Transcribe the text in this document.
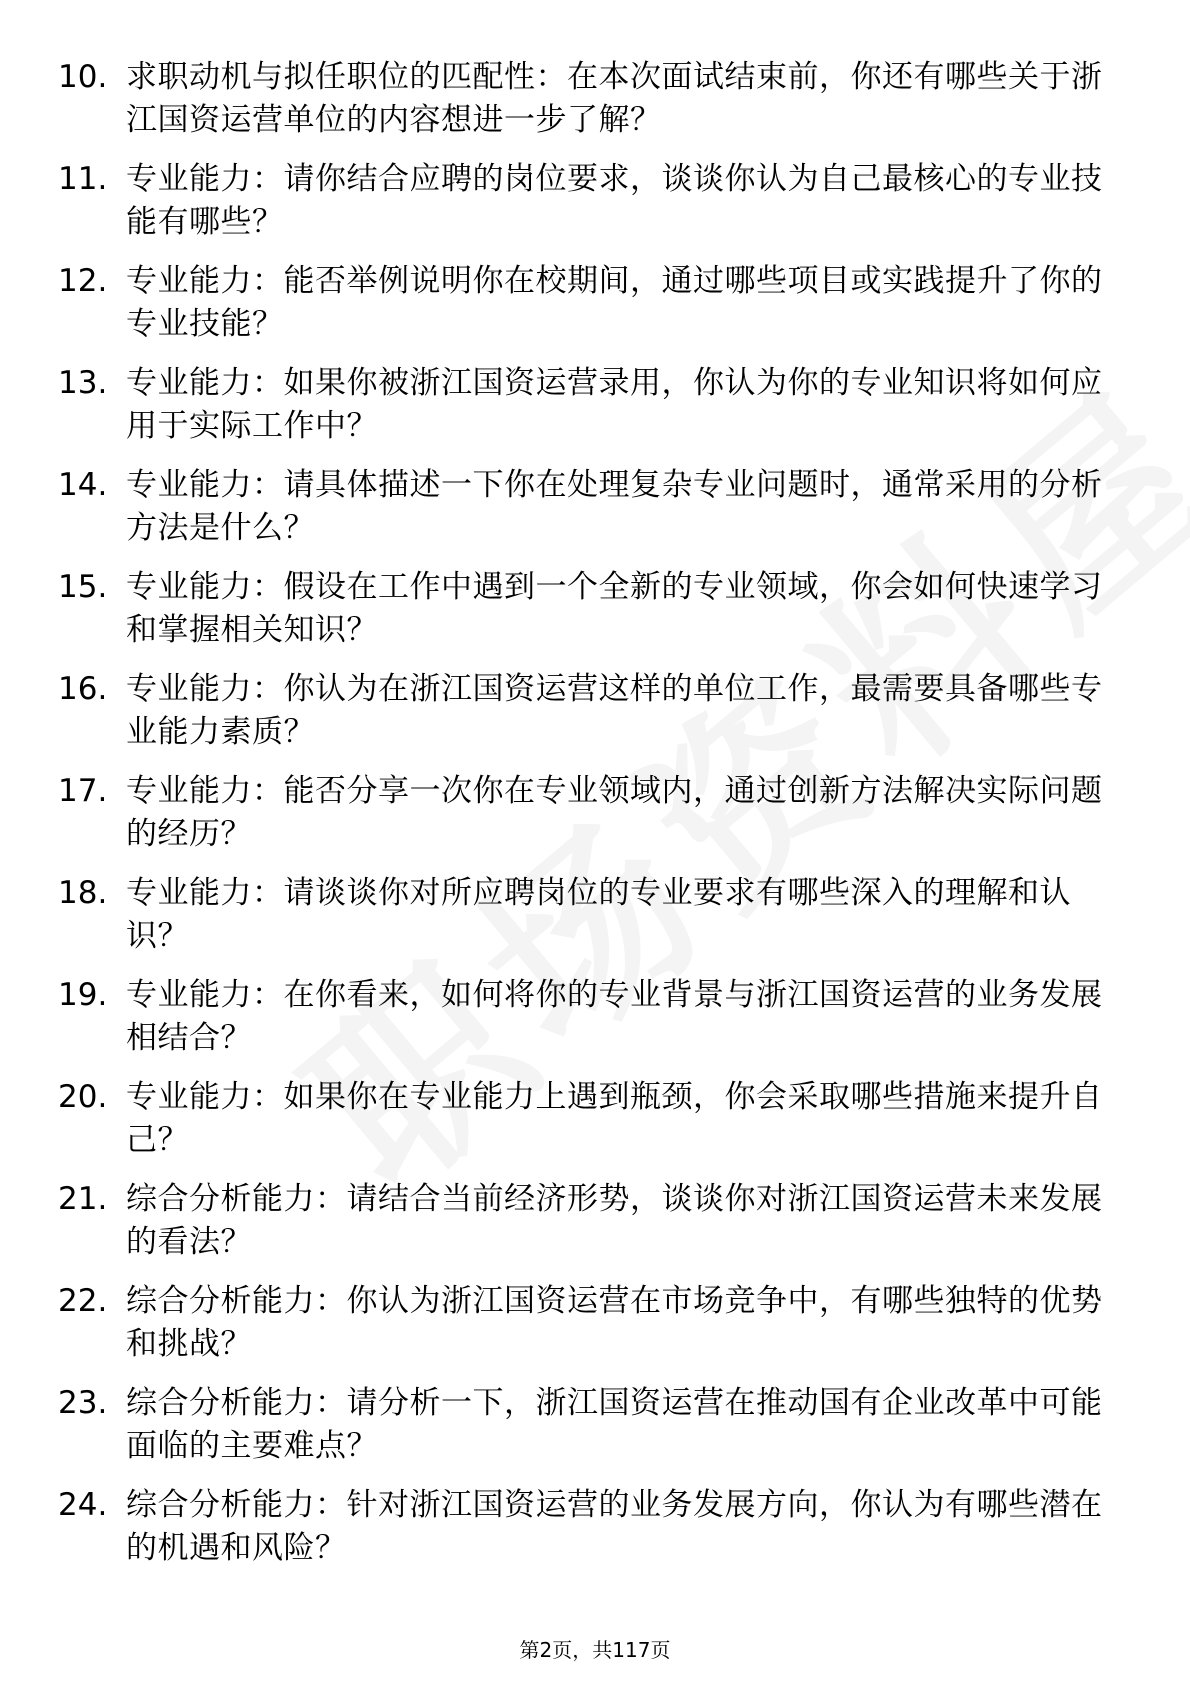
10. 求职动机与拟任职位的匹配性：在本次面试结束前，你还有哪些关于浙江国资运营单位的内容想进一步了解？
11. 专业能力：请你结合应聘的岗位要求，谈谈你认为自己最核心的专业技能有哪些？
12. 专业能力：能否举例说明你在校期间，通过哪些项目或实践提升了你的专业技能？
13. 专业能力：如果你被浙江国资运营录用，你认为你的专业知识将如何应用于实际工作中？
14. 专业能力：请具体描述一下你在处理复杂专业问题时，通常采用的分析方法是什么？
15. 专业能力：假设在工作中遇到一个全新的专业领域，你会如何快速学习和掌握相关知识？
16. 专业能力：你认为在浙江国资运营这样的单位工作，最需要具备哪些专业能力素质？
17. 专业能力：能否分享一次你在专业领域内，通过创新方法解决实际问题的经历？
18. 专业能力：请谈谈你对所应聘岗位的专业要求有哪些深入的理解和认识？
19. 专业能力：在你看来，如何将你的专业背景与浙江国资运营的业务发展相结合？
20. 专业能力：如果你在专业能力上遇到瓶颈，你会采取哪些措施来提升自己？
21. 综合分析能力：请结合当前经济形势，谈谈你对浙江国资运营未来发展的看法？
22. 综合分析能力：你认为浙江国资运营在市场竞争中，有哪些独特的优势和挑战？
23. 综合分析能力：请分析一下，浙江国资运营在推动国有企业改革中可能面临的主要难点？
24. 综合分析能力：针对浙江国资运营的业务发展方向，你认为有哪些潜在的机遇和风险？
第2页，共117页
